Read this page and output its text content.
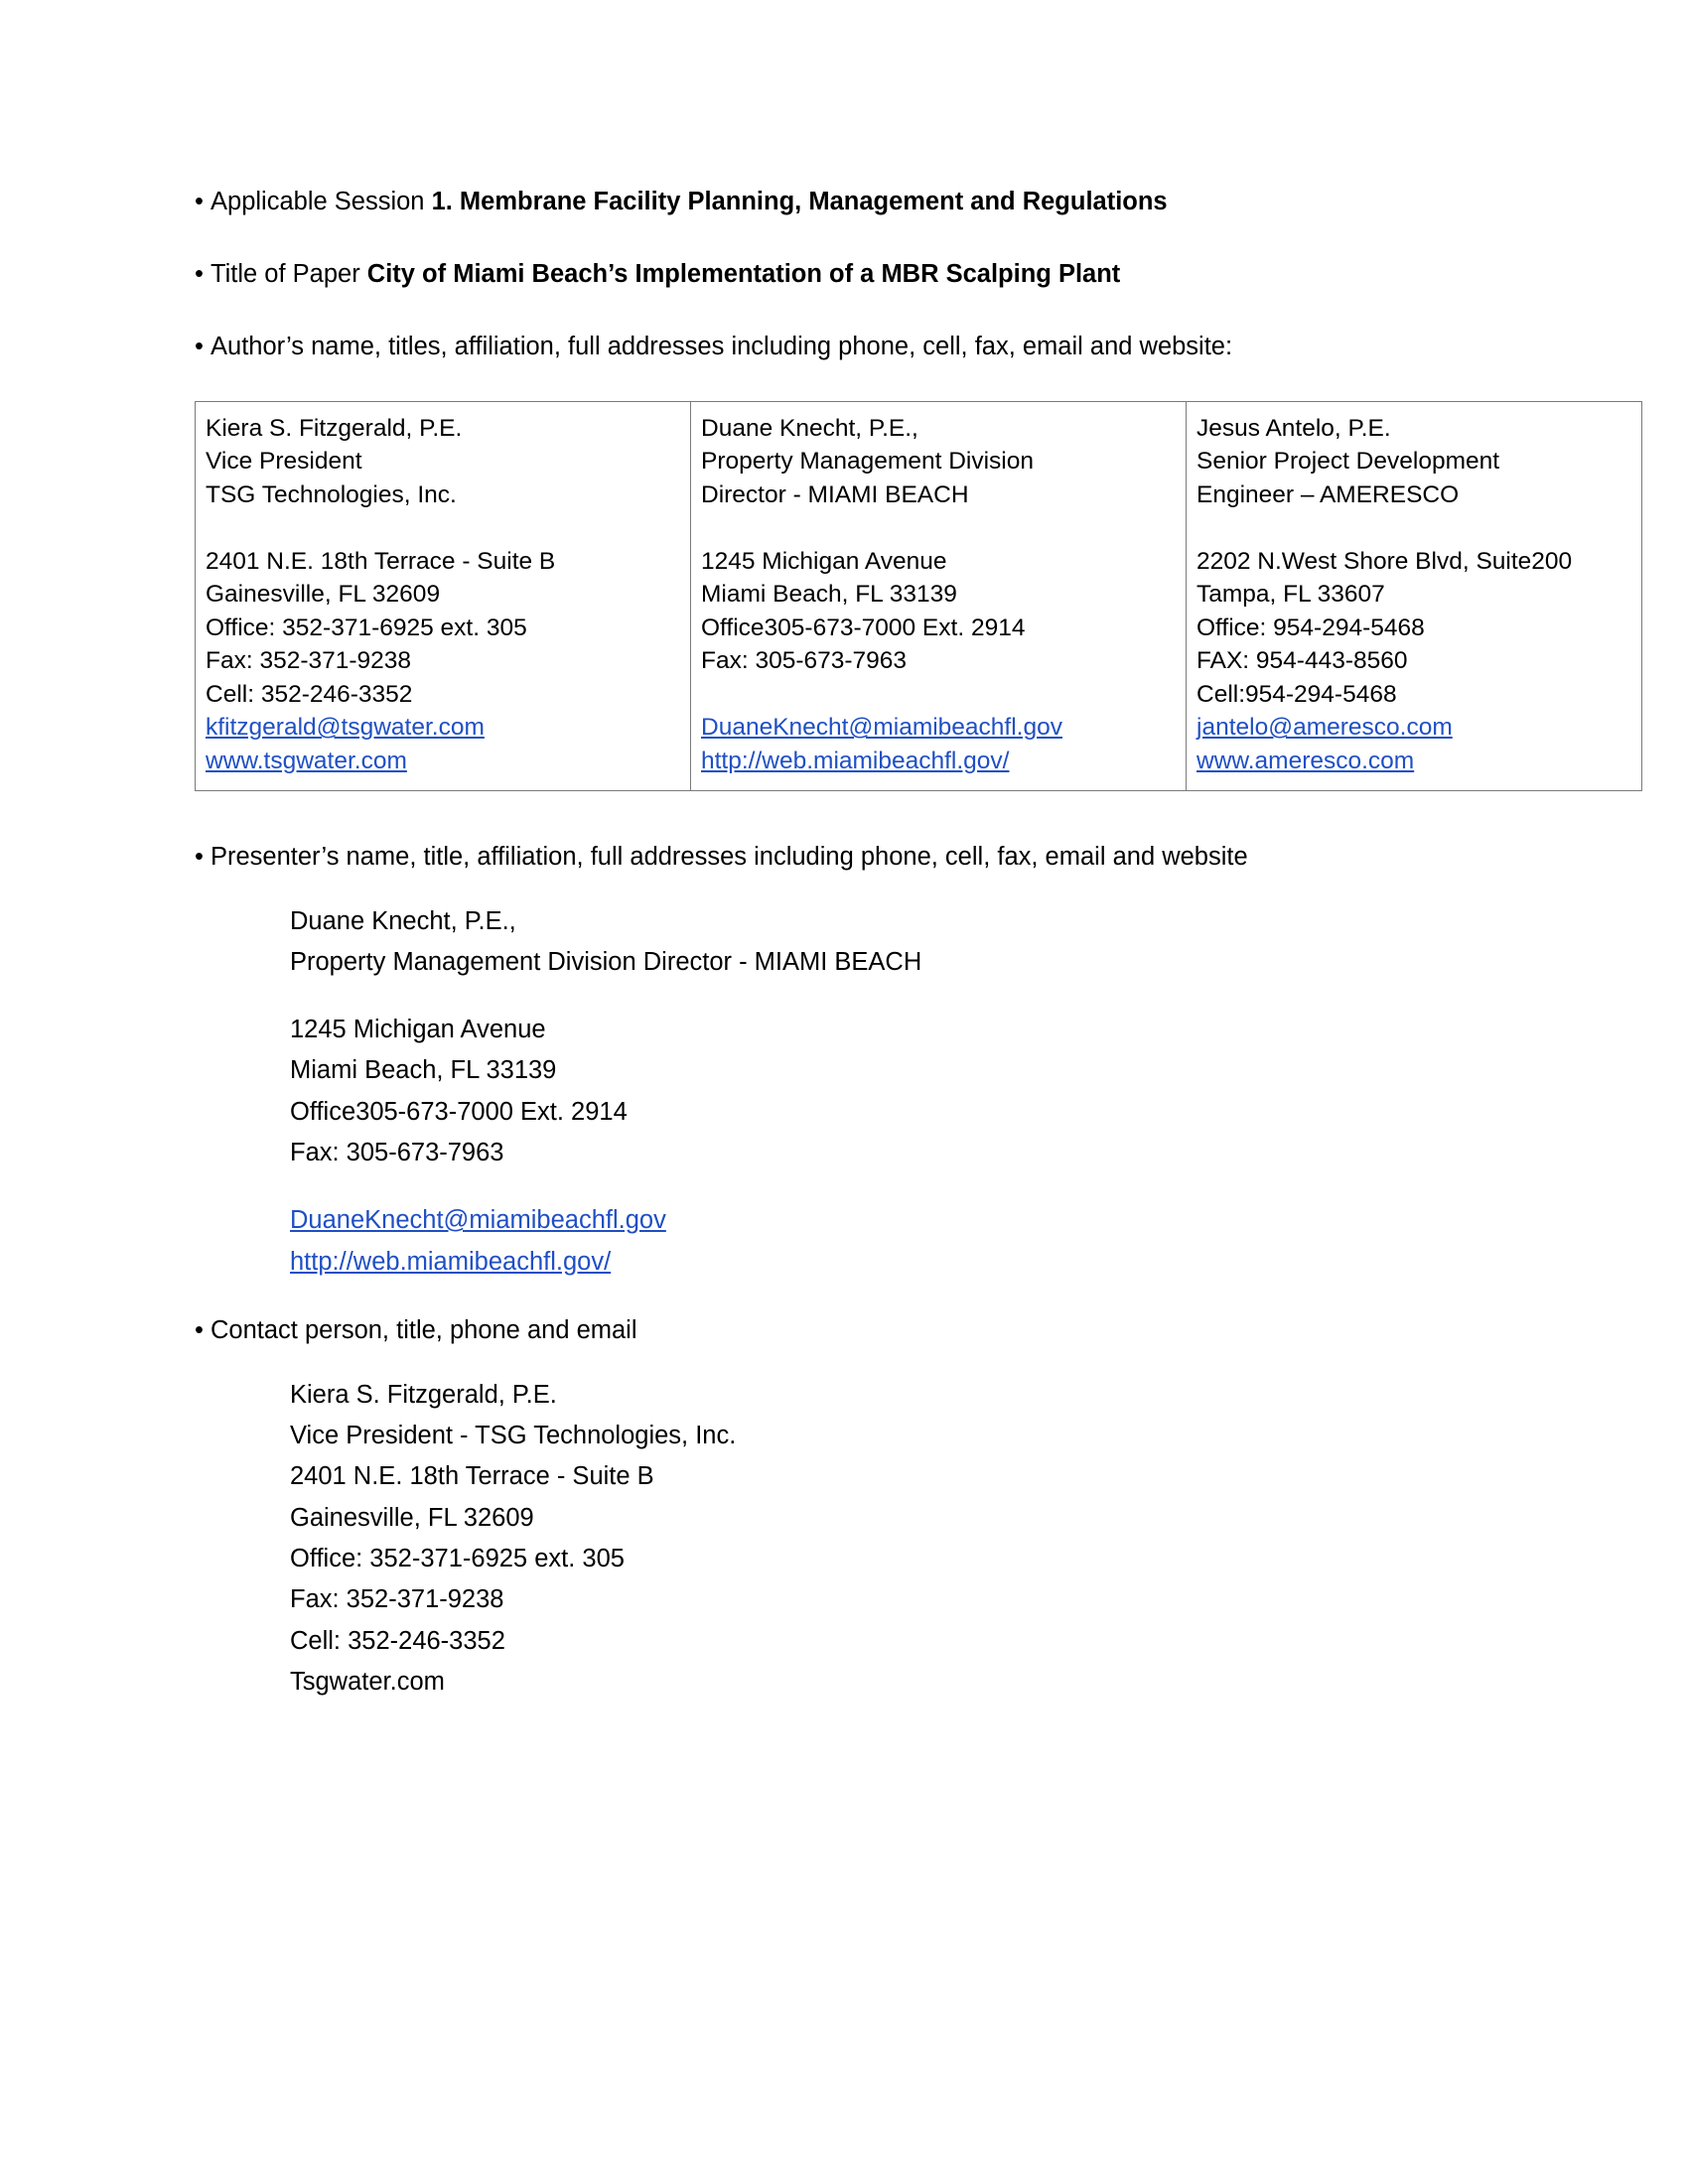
• Applicable Session 1. Membrane Facility Planning, Management and Regulations

• Title of Paper City of Miami Beach’s Implementation of a MBR Scalping Plant

• Author’s name, titles, affiliation, full addresses including phone, cell, fax, email and website:

Kiera S. Fitzgerald, P.E.
Vice President
TSG Technologies, Inc.
2401 N.E. 18th Terrace - Suite B
Gainesville, FL 32609
Office: 352-371-6925 ext. 305
Fax: 352-371-9238
Cell: 352-246-3352
kfitzgerald@tsgwater.com
www.tsgwater.com

Duane Knecht, P.E.,
Property Management Division
Director - MIAMI BEACH
1245 Michigan Avenue
Miami Beach, FL 33139
Office305-673-7000 Ext. 2914
Fax: 305-673-7963

DuaneKnecht@miamibeachfl.gov
http://web.miamibeachfl.gov/

Jesus Antelo, P.E.
Senior Project Development
Engineer – AMERESCO
2202 N.West Shore Blvd, Suite200
Tampa, FL 33607
Office: 954-294-5468
FAX: 954-443-8560
Cell:954-294-5468
jantelo@ameresco.com
www.ameresco.com

• Presenter’s name, title, affiliation, full addresses including phone, cell, fax, email and website

Duane Knecht, P.E.,
Property Management Division Director - MIAMI BEACH
1245 Michigan Avenue
Miami Beach, FL 33139
Office305-673-7000 Ext. 2914
Fax: 305-673-7963
DuaneKnecht@miamibeachfl.gov
http://web.miamibeachfl.gov/

• Contact person, title, phone and email

Kiera S. Fitzgerald, P.E.
Vice President - TSG Technologies, Inc.
2401 N.E. 18th Terrace - Suite B
Gainesville, FL 32609
Office: 352-371-6925 ext. 305
Fax: 352-371-9238
Cell: 352-246-3352
Tsgwater.com
